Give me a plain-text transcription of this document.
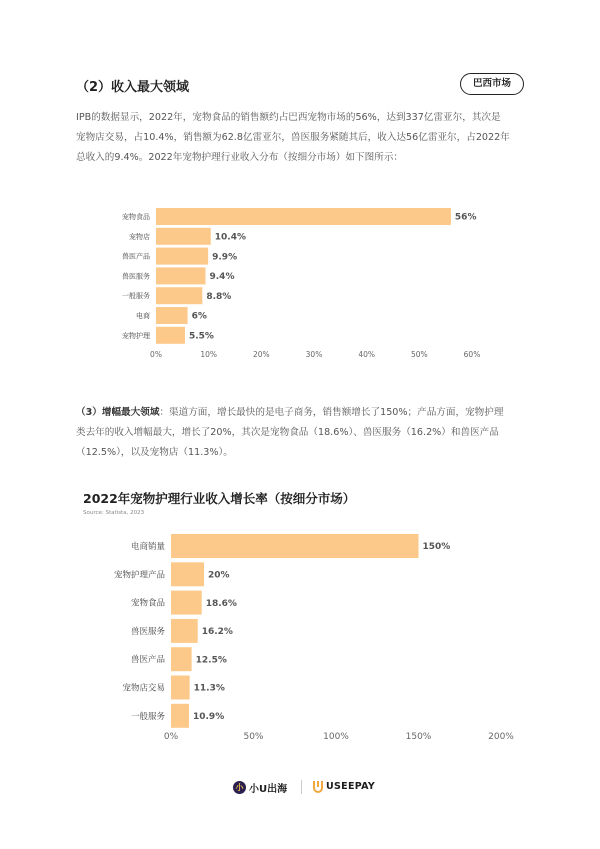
（2）收入最大领域	巴西市场
IPB的数据显示，2022年，宠物食品的销售额约占巴西宠物市场的56%，达到337亿雷亚尔，其次是
宠物店交易，占10.4%，销售额为62.8亿雷亚尔，兽医服务紧随其后，收入达56亿雷亚尔，占2022年
总收入的9.4%。2022年宠物护理行业收入分布（按细分市场）如下图所示：
宠物食品	56%
宠物店	10.4%
兽医产品	9.9%
兽医服务	9.4%
一般服务	8.8%
电商	6%
宠物护理	5.5%
0%	10%	20%	30%	40%	50%	60%
（3）增幅最大领域：渠道方面，增长最快的是电子商务，销售额增长了150%；产品方面，宠物护理
类去年的收入增幅最大，增长了20%，其次是宠物食品（18.6%）、兽医服务（16.2%）和兽医产品
（12.5%），以及宠物店（11.3%）。
2022年宠物护理行业收入增长率（按细分市场）
Source: Statista, 2023
电商销量	150%
宠物护理产品	20%
宠物食品	18.6%
兽医服务	16.2%
兽医产品	12.5%
宠物店交易	11.3%
一般服务	10.9%
0%	50%	100%	150%	200%
小 小U出海	USEEPAY
